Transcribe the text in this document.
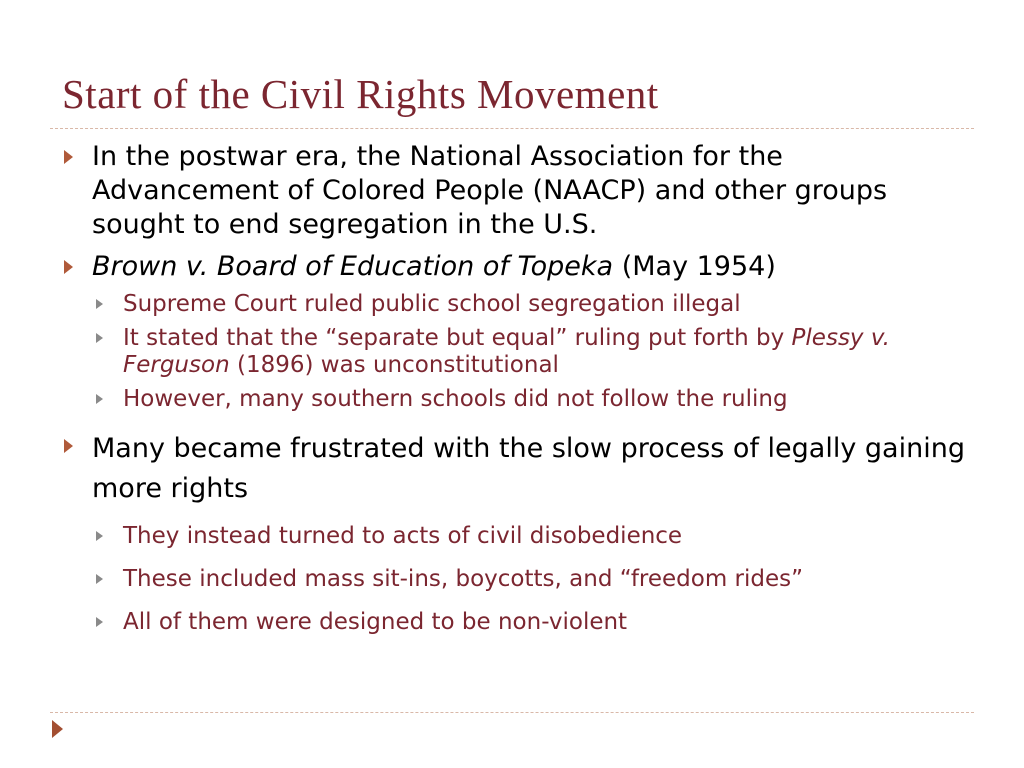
Start of the Civil Rights Movement
In the postwar era, the National Association for the Advancement of Colored People (NAACP) and other groups sought to end segregation in the U.S.
Brown v. Board of Education of Topeka (May 1954)
Supreme Court ruled public school segregation illegal
It stated that the “separate but equal” ruling put forth by Plessy v. Ferguson (1896) was unconstitutional
However, many southern schools did not follow the ruling
Many became frustrated with the slow process of legally gaining more rights
They instead turned to acts of civil disobedience
These included mass sit-ins, boycotts, and “freedom rides”
All of them were designed to be non-violent
